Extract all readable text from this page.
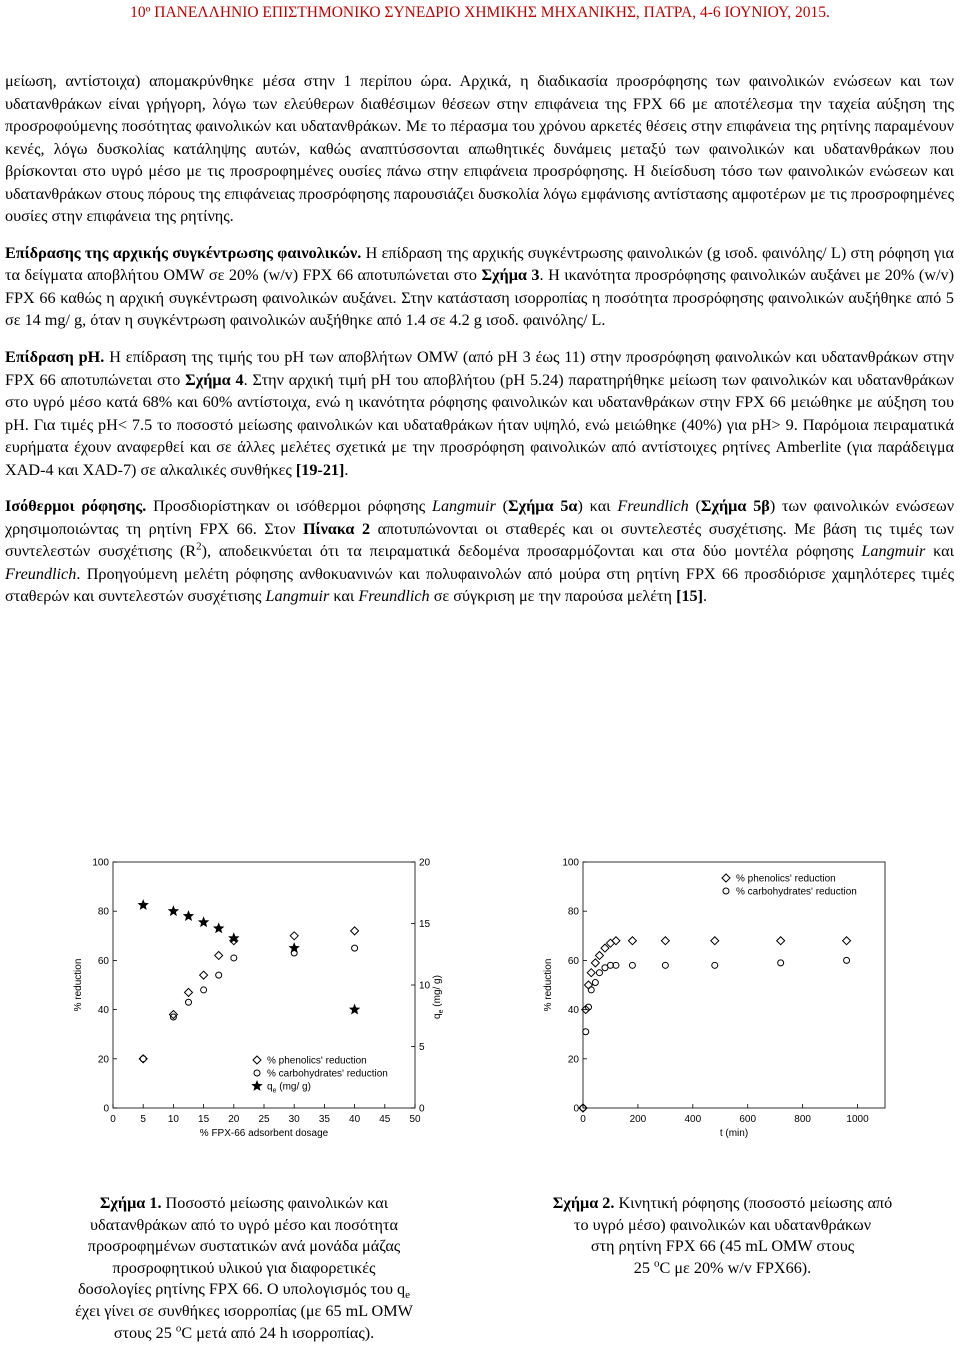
10º ΠΑΝΕΛΛΗΝΙΟ ΕΠΙΣΤΗΜΟΝΙΚΟ ΣΥΝΕΔΡΙΟ ΧΗΜΙΚΗΣ ΜΗΧΑΝΙΚΗΣ, ΠΑΤΡΑ, 4-6 ΙΟΥΝΙΟΥ, 2015.

μείωση, αντίστοιχα) απομακρύνθηκε μέσα στην 1 περίπου ώρα. Αρχικά, η διαδικασία προσρόφησης των φαινολικών ενώσεων και των υδατανθράκων είναι γρήγορη, λόγω των ελεύθερων διαθέσιμων θέσεων στην επιφάνεια της FPX 66 με αποτέλεσμα την ταχεία αύξηση της προσροφούμενης ποσότητας φαινολικών και υδατανθράκων. Με το πέρασμα του χρόνου αρκετές θέσεις στην επιφάνεια της ρητίνης παραμένουν κενές, λόγω δυσκολίας κατάληψης αυτών, καθώς αναπτύσσονται απωθητικές δυνάμεις μεταξύ των φαινολικών και υδατανθράκων που βρίσκονται στο υγρό μέσο με τις προσροφημένες ουσίες πάνω στην επιφάνεια προσρόφησης. Η διείσδυση τόσο των φαινολικών ενώσεων και υδατανθράκων στους πόρους της επιφάνειας προσρόφησης παρουσιάζει δυσκολία λόγω εμφάνισης αντίστασης αμφοτέρων με τις προσροφημένες ουσίες στην επιφάνεια της ρητίνης.

Επίδρασης της αρχικής συγκέντρωσης φαινολικών. Η επίδραση της αρχικής συγκέντρωσης φαινολικών (g ισοδ. φαινόλης/ L) στη ρόφηση για τα δείγματα αποβλήτου OMW σε 20% (w/v) FPX 66 αποτυπώνεται στο Σχήμα 3. Η ικανότητα προσρόφησης φαινολικών αυξάνει με 20% (w/v) FPX 66 καθώς η αρχική συγκέντρωση φαινολικών αυξάνει. Στην κατάσταση ισορροπίας η ποσότητα προσρόφησης φαινολικών αυξήθηκε από 5 σε 14 mg/ g, όταν η συγκέντρωση φαινολικών αυξήθηκε από 1.4 σε 4.2 g ισοδ. φαινόλης/ L.

Επίδραση pH. Η επίδραση της τιμής του pH των αποβλήτων OMW (από pH 3 έως 11) στην προσρόφηση φαινολικών και υδατανθράκων στην FPX 66 αποτυπώνεται στο Σχήμα 4. Στην αρχική τιμή pH του αποβλήτου (pH 5.24) παρατηρήθηκε μείωση των φαινολικών και υδατανθράκων στο υγρό μέσο κατά 68% και 60% αντίστοιχα, ενώ η ικανότητα ρόφησης φαινολικών και υδατανθράκων στην FPX 66 μειώθηκε με αύξηση του pH. Για τιμές pH< 7.5 το ποσοστό μείωσης φαινολικών και υδαταθράκων ήταν υψηλό, ενώ μειώθηκε (40%) για pH> 9. Παρόμοια πειραματικά ευρήματα έχουν αναφερθεί και σε άλλες μελέτες σχετικά με την προσρόφηση φαινολικών από αντίστοιχες ρητίνες Amberlite (για παράδειγμα XAD-4 και XAD-7) σε αλκαλικές συνθήκες [19-21].

Ισόθερμοι ρόφησης. Προσδιορίστηκαν οι ισόθερμοι ρόφησης Langmuir (Σχήμα 5α) και Freundlich (Σχήμα 5β) των φαινολικών ενώσεων χρησιμοποιώντας τη ρητίνη FPX 66. Στον Πίνακα 2 αποτυπώνονται οι σταθερές και οι συντελεστές συσχέτισης. Με βάση τις τιμές των συντελεστών συσχέτισης $(R^2)$, αποδεικνύεται ότι τα πειραματικά δεδομένα προσαρμόζονται και στα δύο μοντέλα ρόφησης Langmuir και Freundlich. Προηγούμενη μελέτη ρόφησης ανθοκυανινών και πολυφαινολών από μούρα στη ρητίνη FPX 66 προσδιόρισε χαμηλότερες τιμές σταθερών και συντελεστών συσχέτισης Langmuir και Freundlich σε σύγκριση με την παρούσα μελέτη [15].

0 5 10 15 20 25 30 35 40 45 50
0
20
40
60
80
100
0
5
10
15
20
$q_e$ (mg/ g)
% FPX-66 adsorbent dosage
% reduction
% phenolics' reduction
% carbohydrates' reduction
$q_e$ (mg/ g)
0	200	400	600	800	1000
0
20
40
60
80
100
t (min)
% reduction
% phenolics' reduction
% carbohydrates' reduction
Σχήμα 1. Ποσοστό μείωσης φαινολικών και
υδατανθράκων από το υγρό μέσο και ποσότητα
προσροφημένων συστατικών ανά μονάδα μάζας
προσροφητικού υλικού για διαφορετικές
δοσολογίες ρητίνης FPX 66. Ο υπολογισμός του $q_e$
έχει γίνει σε συνθήκες ισορροπίας (με 65 mL OMW
στους 25 $^o$C μετά από 24 h ισορροπίας).
Σχήμα 2. Κινητική ρόφησης (ποσοστό μείωσης από
το υγρό μέσο) φαινολικών και υδατανθράκων
στη ρητίνη FPX 66 (45 mL OMW στους
25 $^o$C με 20% w/v FPX66).
